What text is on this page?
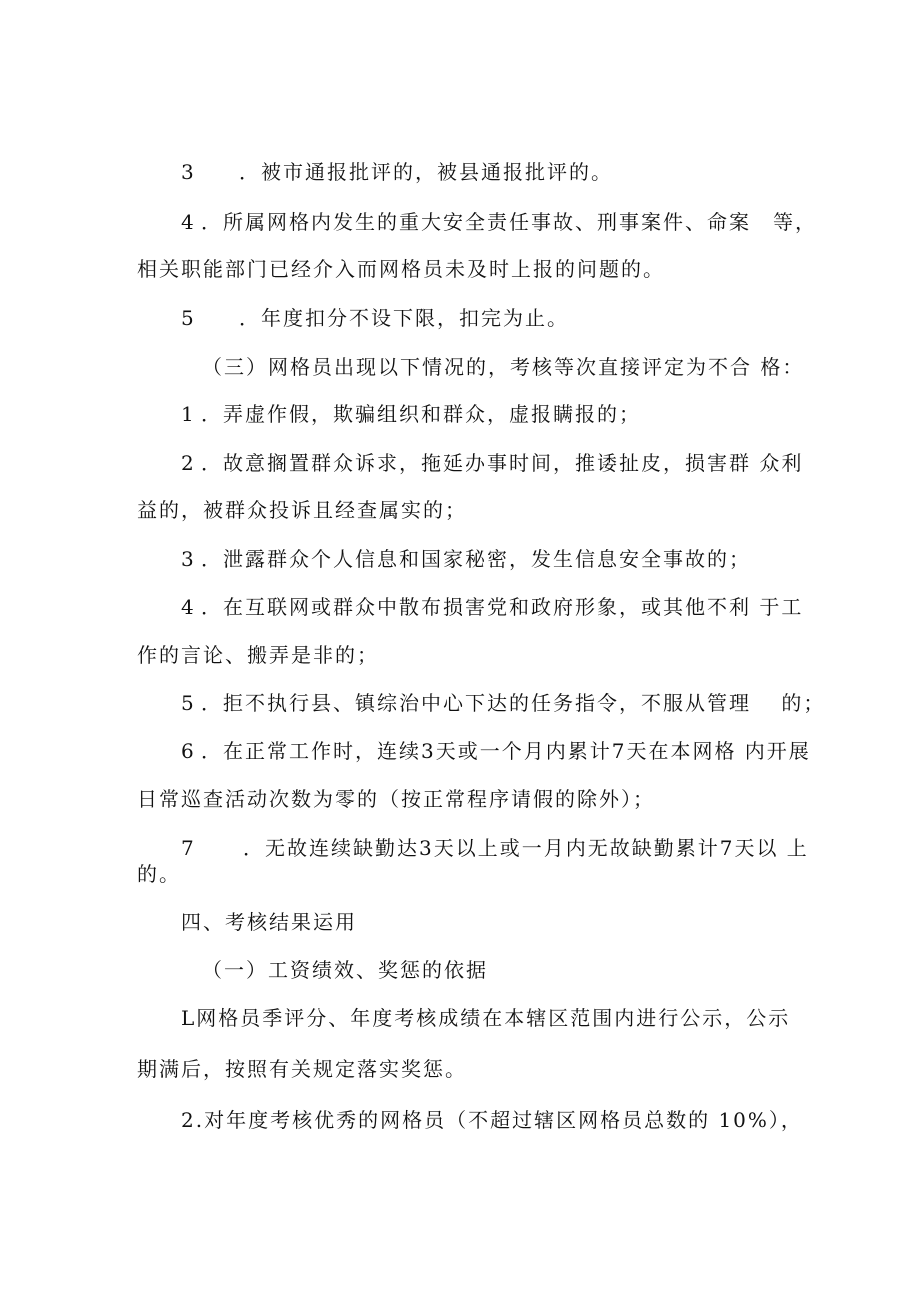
3 ．被市通报批评的，被县通报批评的。
4 ．所属网格内发生的重大安全责任事故、刑事案件、命案　等，
相关职能部门已经介入而网格员未及时上报的问题的。
5 ．年度扣分不设下限，扣完为止。
（三）网格员出现以下情况的，考核等次直接评定为不合 格：
1 ．弄虚作假，欺骗组织和群众，虚报瞒报的；
2 ．故意搁置群众诉求，拖延办事时间，推诿扯皮，损害群 众利
益的，被群众投诉且经查属实的；
3 ．泄露群众个人信息和国家秘密，发生信息安全事故的；
4 ．在互联网或群众中散布损害党和政府形象，或其他不利 于工
作的言论、搬弄是非的；
5 ．拒不执行县、镇综治中心下达的任务指令，不服从管理　 的；
6 ．在正常工作时，连续3天或一个月内累计7天在本网格 内开展
日常巡查活动次数为零的（按正常程序请假的除外）；
7 ．无故连续缺勤达3天以上或一月内无故缺勤累计7天以 上
的。
四、考核结果运用
（一）工资绩效、奖惩的依据
L网格员季评分、年度考核成绩在本辖区范围内进行公示，公示
期满后，按照有关规定落实奖惩。
2.对年度考核优秀的网格员（不超过辖区网格员总数的 10%），
